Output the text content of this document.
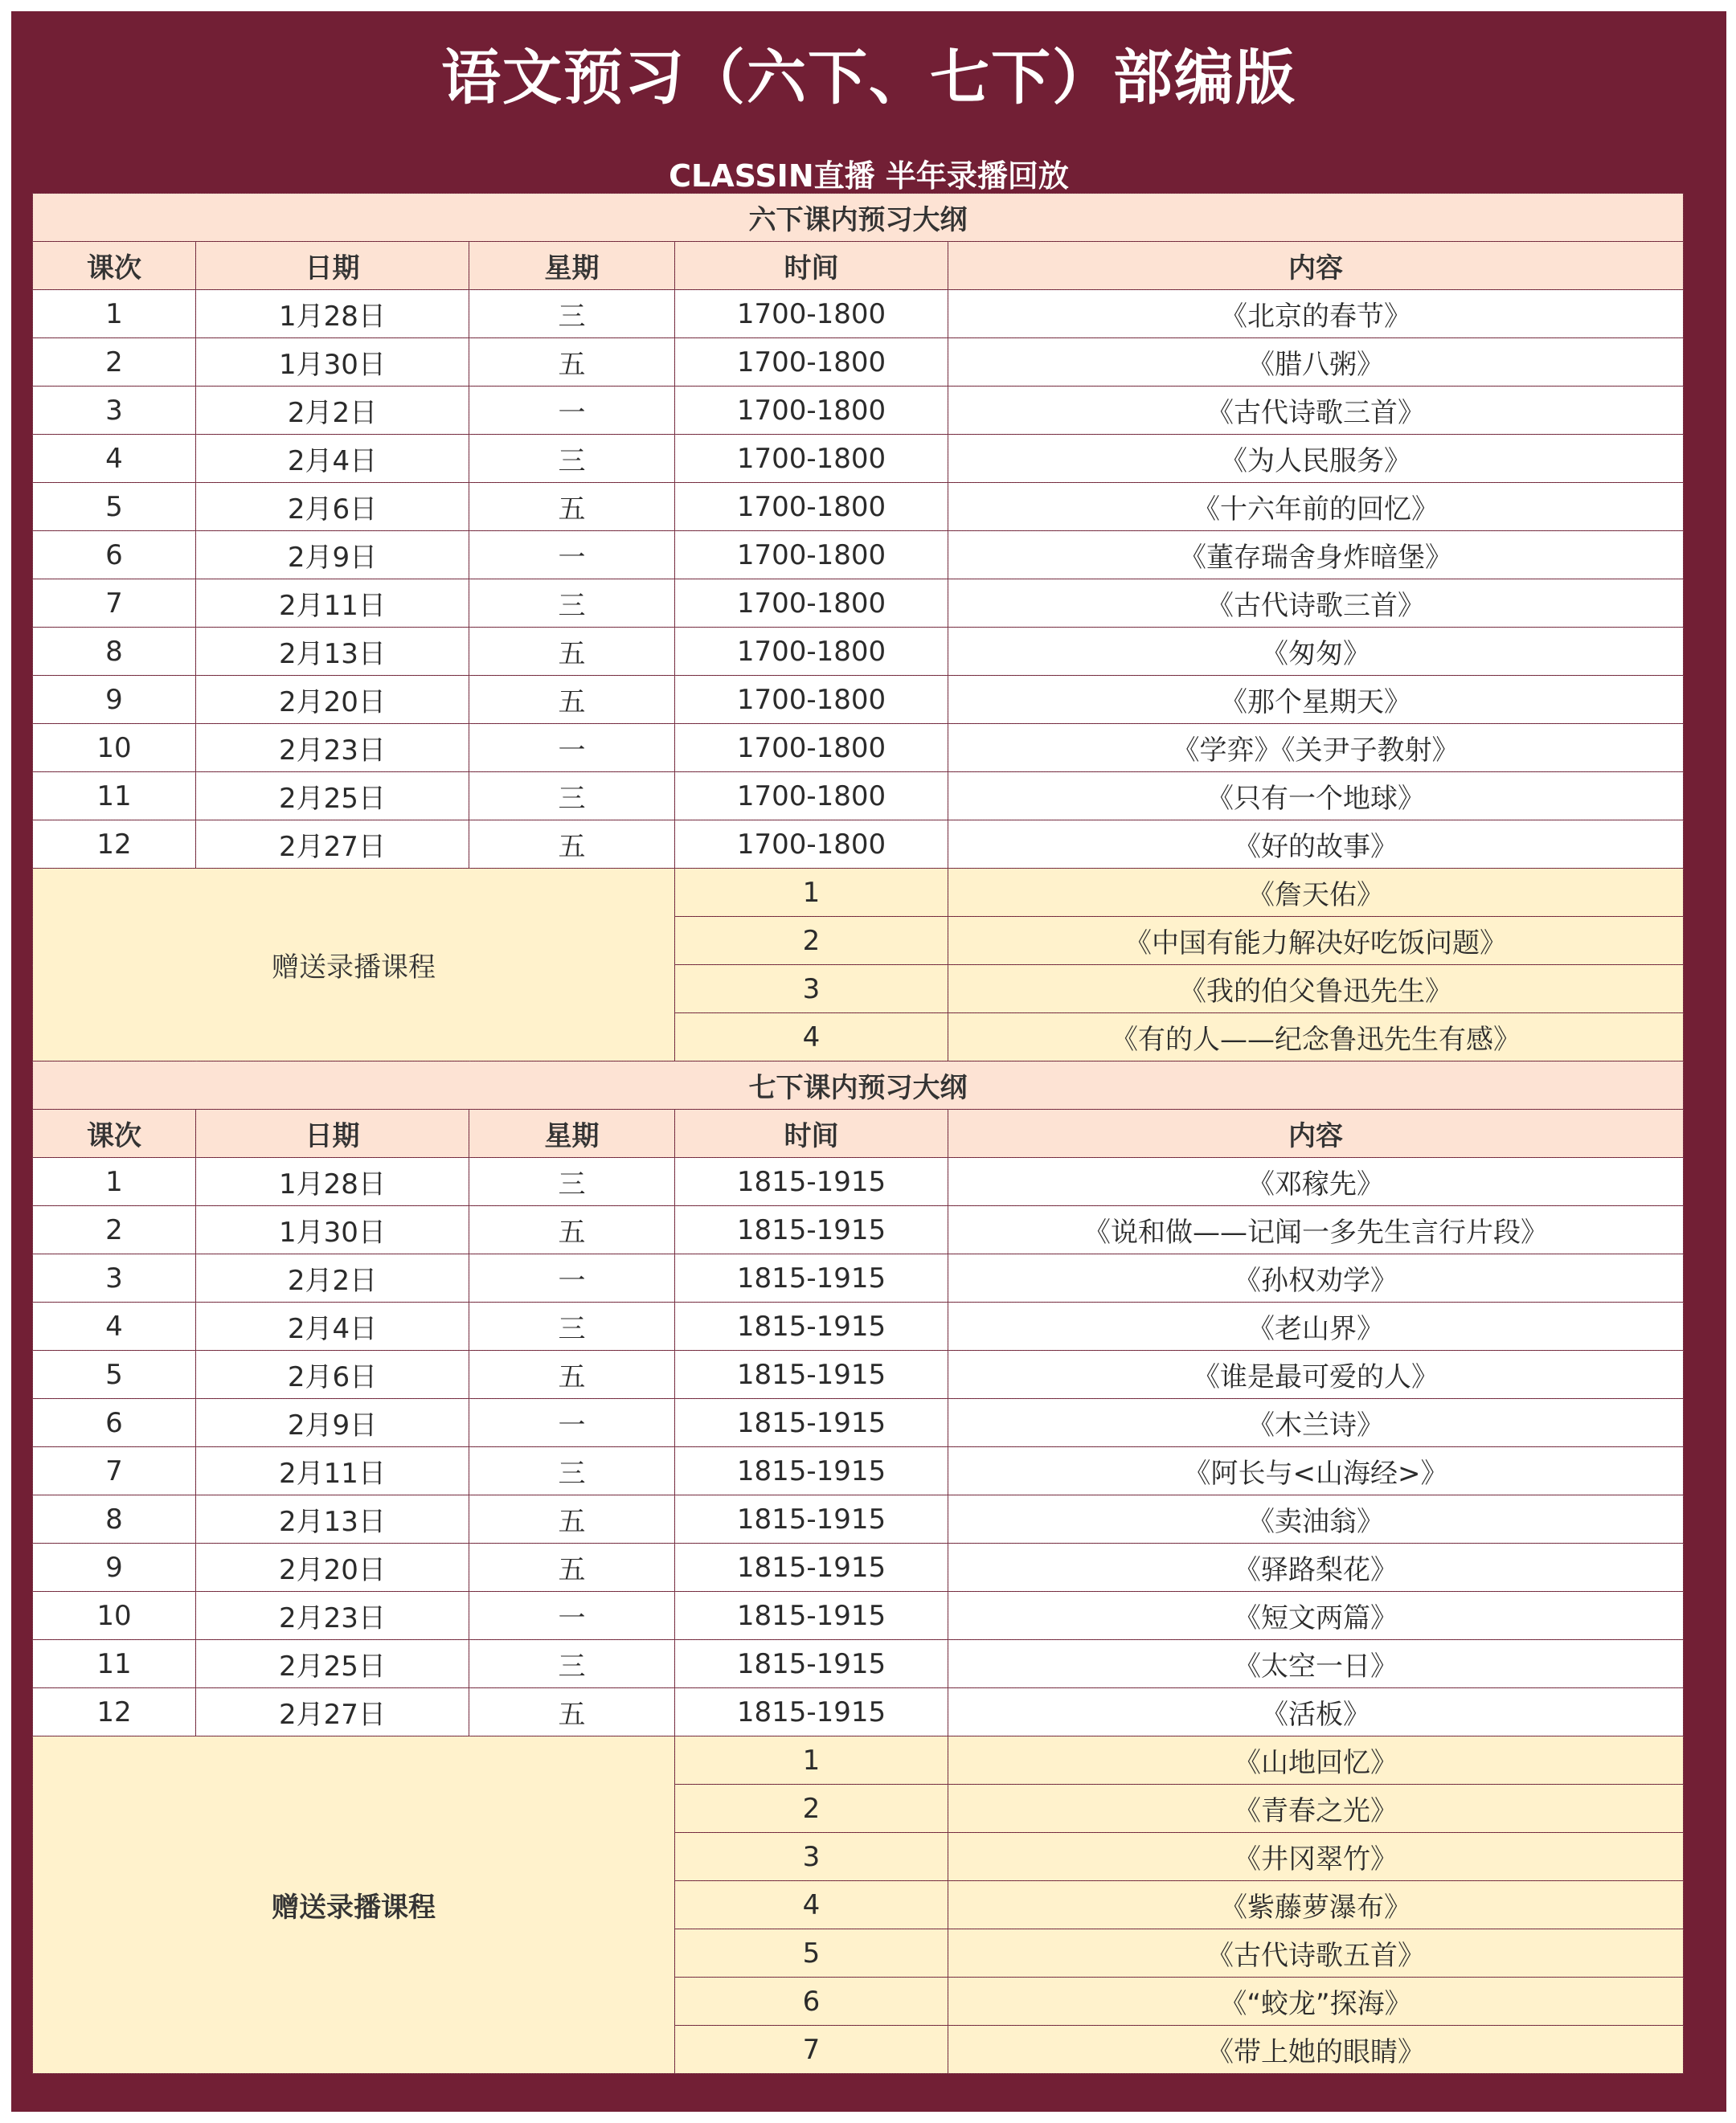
语文预习（六下、七下）部编版
CLASSIN直播 半年录播回放
六下课内预习大纲				
课次	日期	星期	时间	内容
1	1月28日	三	1700-1800	《北京的春节》
2	1月30日	五	1700-1800	《腊八粥》
3	2月2日	一	1700-1800	《古代诗歌三首》
4	2月4日	三	1700-1800	《为人民服务》
5	2月6日	五	1700-1800	《十六年前的回忆》
6	2月9日	一	1700-1800	《董存瑞舍身炸暗堡》
7	2月11日	三	1700-1800	《古代诗歌三首》
8	2月13日	五	1700-1800	《匆匆》
9	2月20日	五	1700-1800	《那个星期天》
10	2月23日	一	1700-1800	《学弈》《关尹子教射》
11	2月25日	三	1700-1800	《只有一个地球》
12	2月27日	五	1700-1800	《好的故事》
赠送录播课程			1	《詹天佑》
			2	《中国有能力解决好吃饭问题》
			3	《我的伯父鲁迅先生》
			4	《有的人——纪念鲁迅先生有感》
七下课内预习大纲				
课次	日期	星期	时间	内容
1	1月28日	三	1815-1915	《邓稼先》
2	1月30日	五	1815-1915	《说和做——记闻一多先生言行片段》
3	2月2日	一	1815-1915	《孙权劝学》
4	2月4日	三	1815-1915	《老山界》
5	2月6日	五	1815-1915	《谁是最可爱的人》
6	2月9日	一	1815-1915	《木兰诗》
7	2月11日	三	1815-1915	《阿长与<山海经>》
8	2月13日	五	1815-1915	《卖油翁》
9	2月20日	五	1815-1915	《驿路梨花》
10	2月23日	一	1815-1915	《短文两篇》
11	2月25日	三	1815-1915	《太空一日》
12	2月27日	五	1815-1915	《活板》
赠送录播课程			1	《山地回忆》
			2	《青春之光》
			3	《井冈翠竹》
			4	《紫藤萝瀑布》
			5	《古代诗歌五首》
			6	《“蛟龙”探海》
			7	《带上她的眼睛》
